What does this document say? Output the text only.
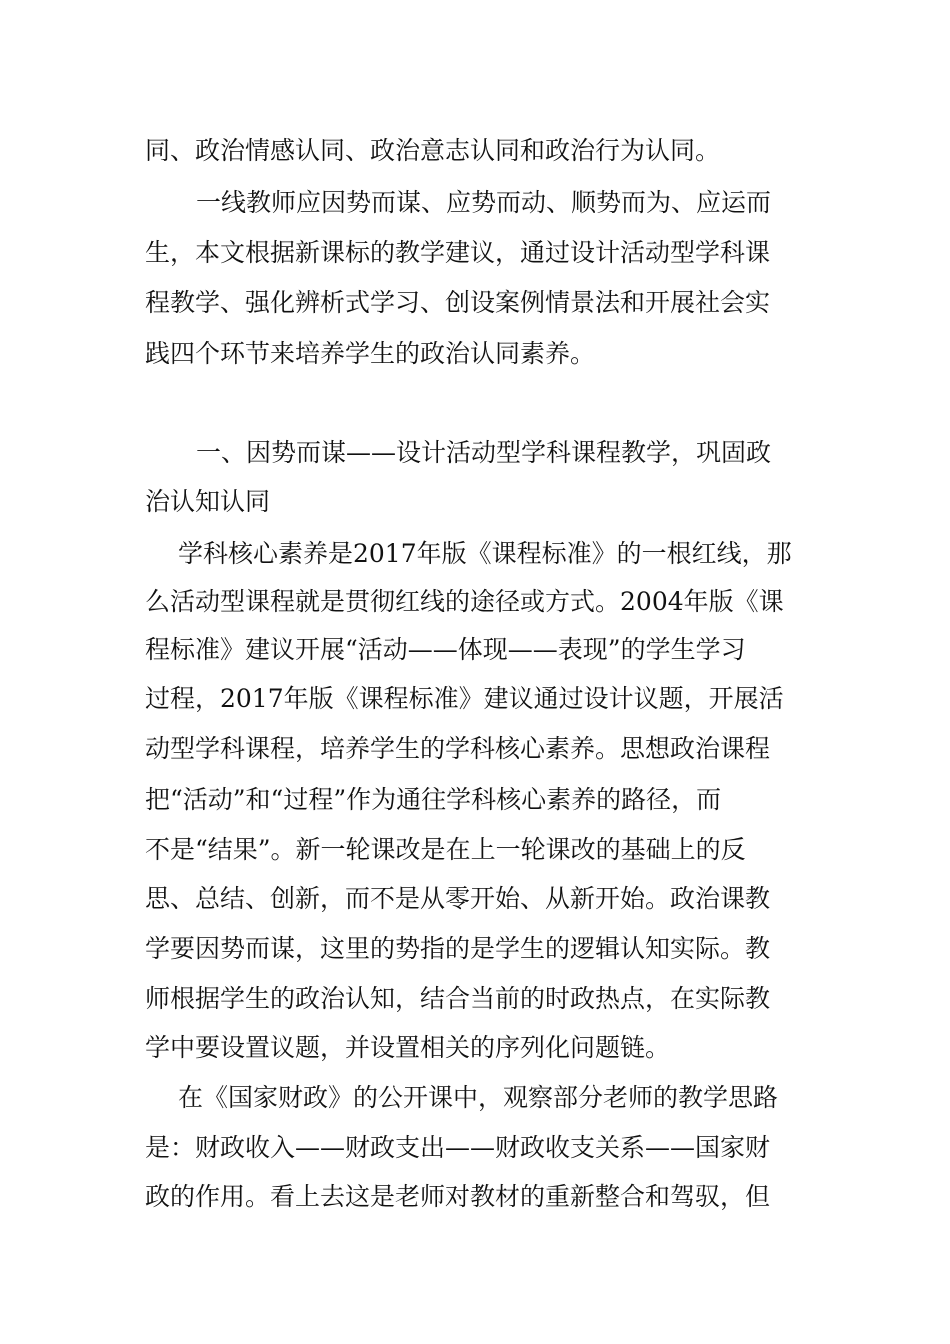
同、政治情感认同、政治意志认同和政治行为认同。
一线教师应因势而谋、应势而动、顺势而为、应运而
生，本文根据新课标的教学建议，通过设计活动型学科课
程教学、强化辨析式学习、创设案例情景法和开展社会实
践四个环节来培养学生的政治认同素养。
一、因势而谋——设计活动型学科课程教学，巩固政
治认知认同
学科核心素养是2017年版《课程标准》的一根红线，那
么活动型课程就是贯彻红线的途径或方式。2004年版《课
程标准》建议开展“活动——体现——表现”的学生学习
过程，2017年版《课程标准》建议通过设计议题，开展活
动型学科课程，培养学生的学科核心素养。思想政治课程
把“活动”和“过程”作为通往学科核心素养的路径，而
不是“结果”。新一轮课改是在上一轮课改的基础上的反
思、总结、创新，而不是从零开始、从新开始。政治课教
学要因势而谋，这里的势指的是学生的逻辑认知实际。教
师根据学生的政治认知，结合当前的时政热点，在实际教
学中要设置议题，并设置相关的序列化问题链。
在《国家财政》的公开课中，观察部分老师的教学思路
是：财政收入——财政支出——财政收支关系——国家财
政的作用。看上去这是老师对教材的重新整合和驾驭，但
